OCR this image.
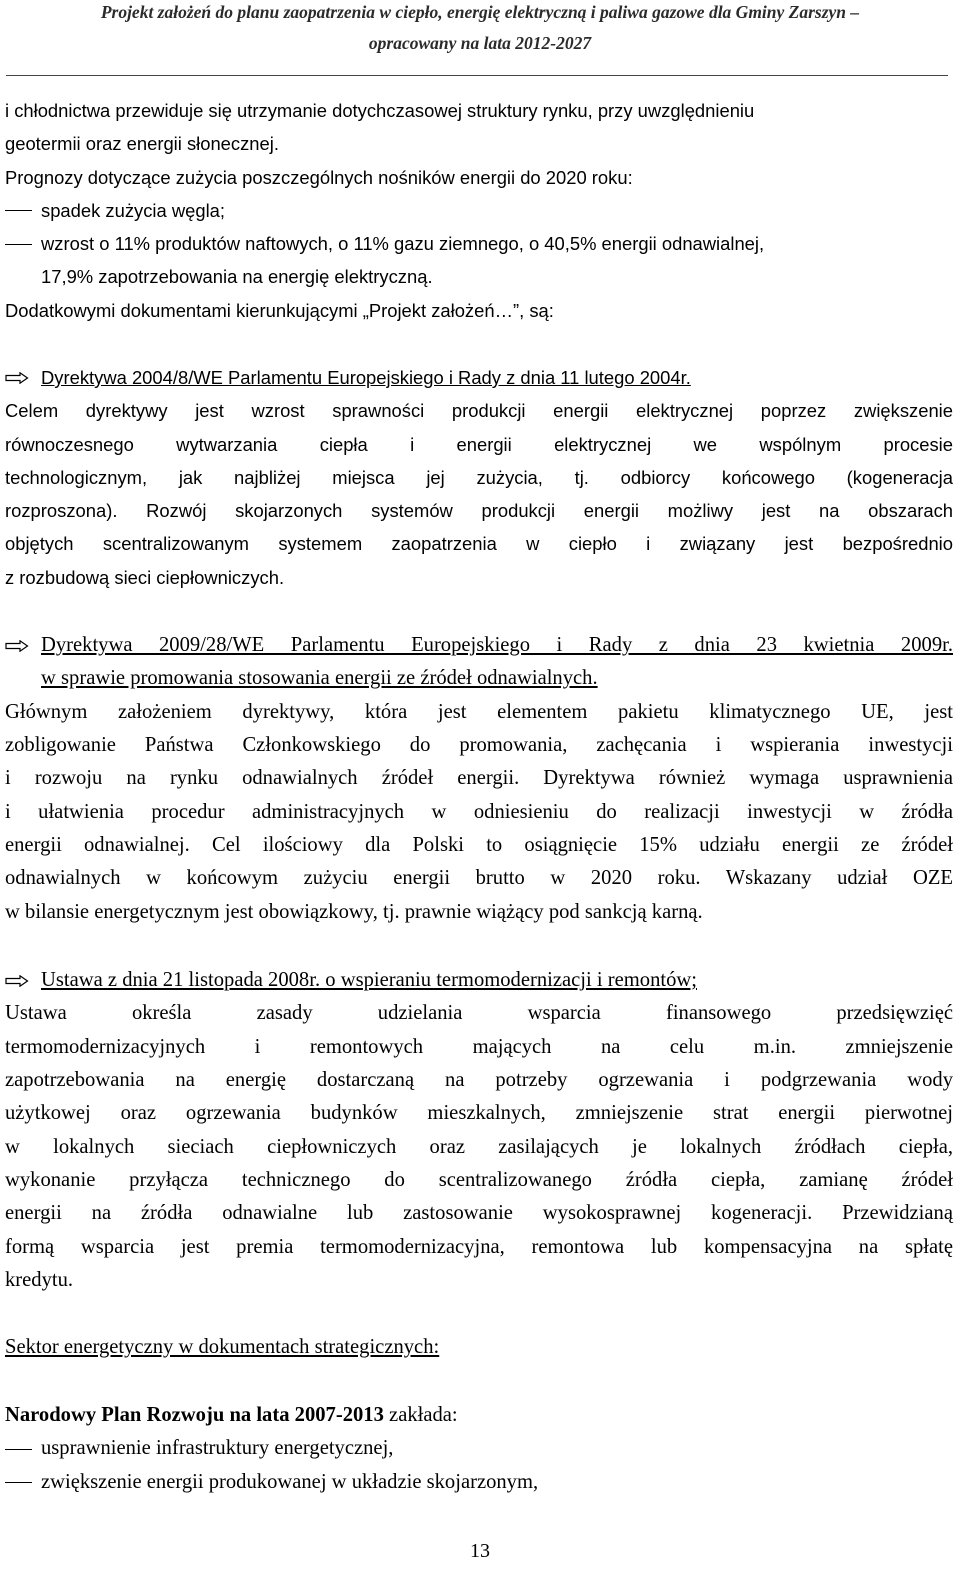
Projekt założeń do planu zaopatrzenia w ciepło, energię elektryczną i paliwa gazowe dla Gminy Zarszyn –
opracowany na lata 2012-2027

i chłodnictwa przewiduje się utrzymanie dotychczasowej struktury rynku, przy uwzględnieniu

geotermii oraz energii słonecznej.

Prognozy dotyczące zużycia poszczególnych nośników energii do 2020 roku:

spadek zużycia węgla;

wzrost o 11% produktów naftowych, o 11% gazu ziemnego, o 40,5% energii odnawialnej,

17,9% zapotrzebowania na energię elektryczną.

Dodatkowymi dokumentami kierunkującymi „Projekt założeń…”, są:

Dyrektywa 2004/8/WE Parlamentu Europejskiego i Rady z dnia 11 lutego 2004r.

Celem dyrektywy jest wzrost sprawności produkcji energii elektrycznej poprzez zwiększenie

równoczesnego wytwarzania ciepła i energii elektrycznej we wspólnym procesie

technologicznym, jak najbliżej miejsca jej zużycia, tj. odbiorcy końcowego (kogeneracja

rozproszona). Rozwój skojarzonych systemów produkcji energii możliwy jest na obszarach

objętych scentralizowanym systemem zaopatrzenia w ciepło i związany jest bezpośrednio

z rozbudową sieci ciepłowniczych.

Dyrektywa 2009/28/WE Parlamentu Europejskiego i Rady z dnia 23 kwietnia 2009r.

w sprawie promowania stosowania energii ze źródeł odnawialnych.

Głównym założeniem dyrektywy, która jest elementem pakietu klimatycznego UE, jest

zobligowanie Państwa Członkowskiego do promowania, zachęcania i wspierania inwestycji

i rozwoju na rynku odnawialnych źródeł energii. Dyrektywa również wymaga usprawnienia

i ułatwienia procedur administracyjnych w odniesieniu do realizacji inwestycji w źródła

energii odnawialnej. Cel ilościowy dla Polski to osiągnięcie 15% udziału energii ze źródeł

odnawialnych w końcowym zużyciu energii brutto w 2020 roku. Wskazany udział OZE

w bilansie energetycznym jest obowiązkowy, tj. prawnie wiążący pod sankcją karną.

Ustawa z dnia 21 listopada 2008r. o wspieraniu termomodernizacji i remontów;

Ustawa określa zasady udzielania wsparcia finansowego przedsięwzięć

termomodernizacyjnych i remontowych mających na celu m.in. zmniejszenie

zapotrzebowania na energię dostarczaną na potrzeby ogrzewania i podgrzewania wody

użytkowej oraz ogrzewania budynków mieszkalnych, zmniejszenie strat energii pierwotnej

w lokalnych sieciach ciepłowniczych oraz zasilających je lokalnych źródłach ciepła,

wykonanie przyłącza technicznego do scentralizowanego źródła ciepła, zamianę źródeł

energii na źródła odnawialne lub zastosowanie wysokosprawnej kogeneracji. Przewidzianą

formą wsparcia jest premia termomodernizacyjna, remontowa lub kompensacyjna na spłatę

kredytu.

Sektor energetyczny w dokumentach strategicznych:

Narodowy Plan Rozwoju na lata 2007-2013 zakłada:

usprawnienie infrastruktury energetycznej,

zwiększenie energii produkowanej w układzie skojarzonym,

13
